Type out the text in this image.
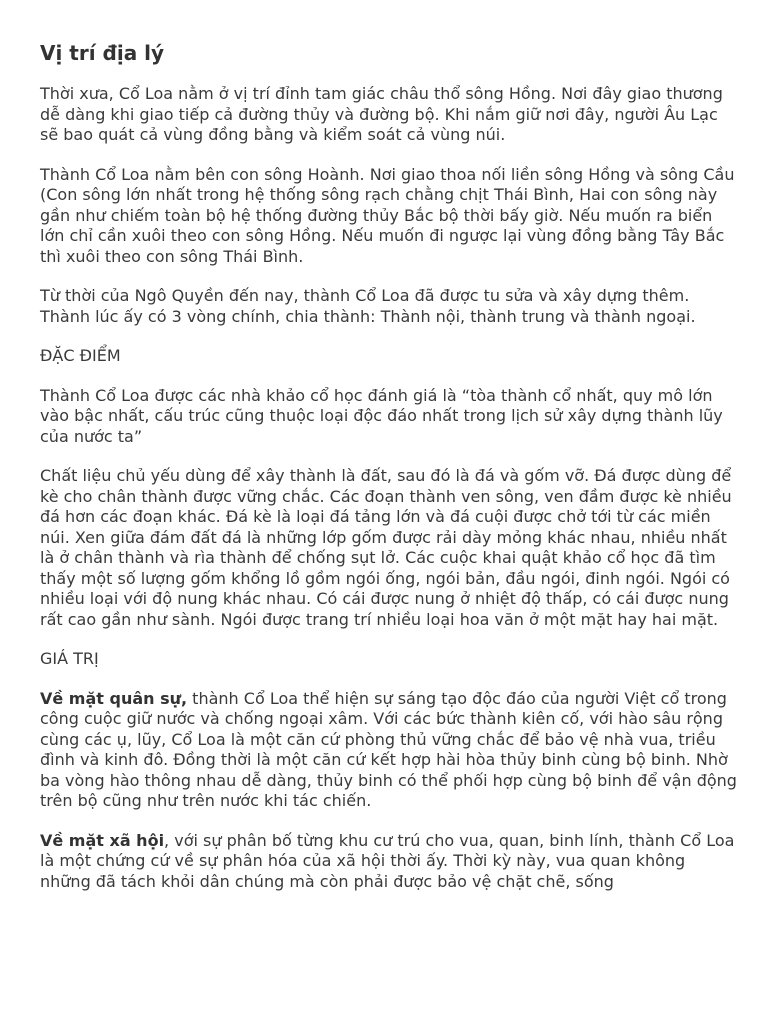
Vị trí địa lý

Thời xưa, Cổ Loa nằm ở vị trí đỉnh tam giác châu thổ sông Hồng. Nơi đây giao thương dễ dàng khi giao tiếp cả đường thủy và đường bộ. Khi nắm giữ nơi đây, người Âu Lạc sẽ bao quát cả vùng đồng bằng và kiểm soát cả vùng núi.

Thành Cổ Loa nằm bên con sông Hoành. Nơi giao thoa nối liền sông Hồng và sông Cầu (Con sông lớn nhất trong hệ thống sông rạch chằng chịt Thái Bình, Hai con sông này gần như chiếm toàn bộ hệ thống đường thủy Bắc bộ thời bấy giờ. Nếu muốn ra biển lớn chỉ cần xuôi theo con sông Hồng. Nếu muốn đi ngược lại vùng đồng bằng Tây Bắc thì xuôi theo con sông Thái Bình.

Từ thời của Ngô Quyền đến nay, thành Cổ Loa đã được tu sửa và xây dựng thêm. Thành lúc ấy có 3 vòng chính, chia thành: Thành nội, thành trung và thành ngoại.

ĐẶC ĐIỂM

Thành Cổ Loa được các nhà khảo cổ học đánh giá là “tòa thành cổ nhất, quy mô lớn vào bậc nhất, cấu trúc cũng thuộc loại độc đáo nhất trong lịch sử xây dựng thành lũy của nước ta”

Chất liệu chủ yếu dùng để xây thành là đất, sau đó là đá và gốm vỡ. Đá được dùng để kè cho chân thành được vững chắc. Các đoạn thành ven sông, ven đầm được kè nhiều đá hơn các đoạn khác. Đá kè là loại đá tảng lớn và đá cuội được chở tới từ các miền núi. Xen giữa đám đất đá là những lớp gốm được rải dày mỏng khác nhau, nhiều nhất là ở chân thành và rìa thành để chống sụt lở. Các cuộc khai quật khảo cổ học đã tìm thấy một số lượng gốm khổng lồ gồm ngói ống, ngói bản, đầu ngói, đinh ngói. Ngói có nhiều loại với độ nung khác nhau. Có cái được nung ở nhiệt độ thấp, có cái được nung rất cao gần như sành. Ngói được trang trí nhiều loại hoa văn ở một mặt hay hai mặt.

GIÁ TRỊ

Về mặt quân sự, thành Cổ Loa thể hiện sự sáng tạo độc đáo của người Việt cổ trong công cuộc giữ nước và chống ngoại xâm. Với các bức thành kiên cố, với hào sâu rộng cùng các ụ, lũy, Cổ Loa là một căn cứ phòng thủ vững chắc để bảo vệ nhà vua, triều đình và kinh đô. Đồng thời là một căn cứ kết hợp hài hòa thủy binh cùng bộ binh. Nhờ ba vòng hào thông nhau dễ dàng, thủy binh có thể phối hợp cùng bộ binh để vận động trên bộ cũng như trên nước khi tác chiến.

Về mặt xã hội, với sự phân bố từng khu cư trú cho vua, quan, binh lính, thành Cổ Loa là một chứng cứ về sự phân hóa của xã hội thời ấy. Thời kỳ này, vua quan không những đã tách khỏi dân chúng mà còn phải được bảo vệ chặt chẽ, sống
